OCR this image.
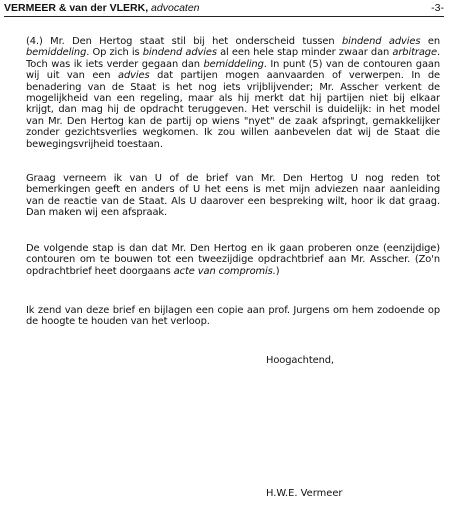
VERMEER & van der VLERK, advocaten	-3-

(4.) Mr. Den Hertog staat stil bij het onderscheid tussen bindend advies en bemiddeling. Op zich is bindend advies al een hele stap minder zwaar dan arbitrage. Toch was ik iets verder gegaan dan bemiddeling. In punt (5) van de contouren gaan wij uit van een advies dat partijen mogen aanvaarden of verwerpen. In de benadering van de Staat is het nog iets vrijblijvender; Mr. Asscher verkent de mogelijkheid van een regeling, maar als hij merkt dat hij partijen niet bij elkaar krijgt, dan mag hij de opdracht teruggeven. Het verschil is duidelijk: in het model van Mr. Den Hertog kan de partij op wiens "nyet" de zaak afspringt, gemakkelijker zonder gezichtsverlies wegkomen. Ik zou willen aanbevelen dat wij de Staat die bewegingsvrijheid toestaan.

Graag verneem ik van U of de brief van Mr. Den Hertog U nog reden tot bemerkingen geeft en anders of U het eens is met mijn adviezen naar aanleiding van de reactie van de Staat. Als U daarover een bespreking wilt, hoor ik dat graag. Dan maken wij een afspraak.

De volgende stap is dan dat Mr. Den Hertog en ik gaan proberen onze (eenzijdige) contouren om te bouwen tot een tweezijdige opdrachtbrief aan Mr. Asscher. (Zo'n opdrachtbrief heet doorgaans acte van compromis.)

Ik zend van deze brief en bijlagen een copie aan prof. Jurgens om hem zodoende op de hoogte te houden van het verloop.

Hoogachtend,

H.W.E. Vermeer
